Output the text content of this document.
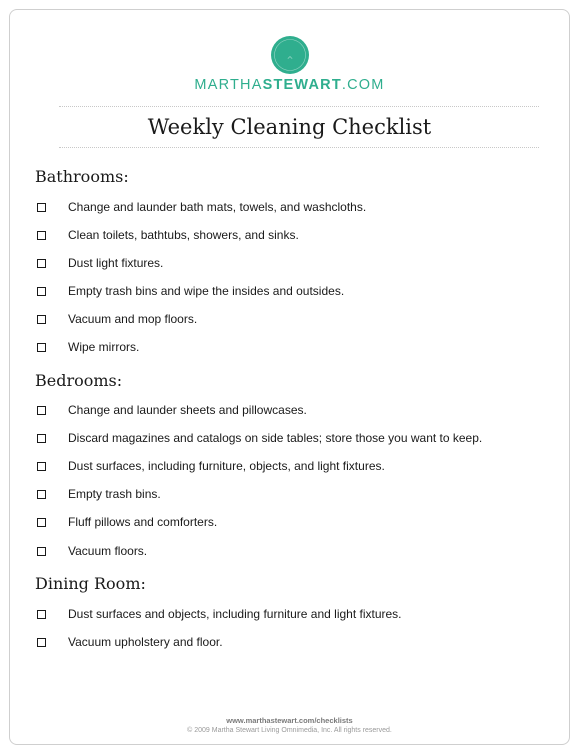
MARTHASTEWART.COM
Weekly Cleaning Checklist
Bathrooms:
Change and launder bath mats, towels, and washcloths.
Clean toilets, bathtubs, showers, and sinks.
Dust light fixtures.
Empty trash bins and wipe the insides and outsides.
Vacuum and mop floors.
Wipe mirrors.
Bedrooms:
Change and launder sheets and pillowcases.
Discard magazines and catalogs on side tables; store those you want to keep.
Dust surfaces, including furniture, objects, and light fixtures.
Empty trash bins.
Fluff pillows and comforters.
Vacuum floors.
Dining Room:
Dust surfaces and objects, including furniture and light fixtures.
Vacuum upholstery and floor.
www.marthastewart.com/checklists
© 2009 Martha Stewart Living Omnimedia, Inc. All rights reserved.
